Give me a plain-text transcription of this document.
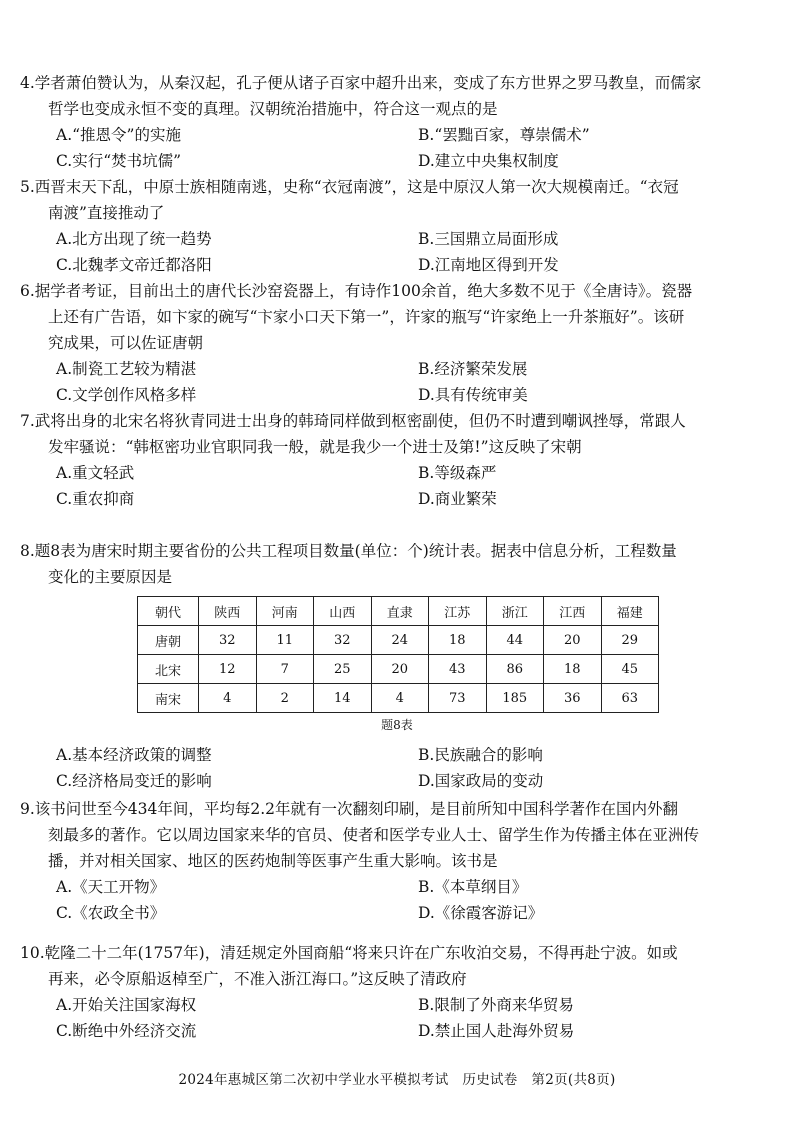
4.学者萧伯赞认为，从秦汉起，孔子便从诸子百家中超升出来，变成了东方世界之罗马教皇，而儒家
哲学也变成永恒不变的真理。汉朝统治措施中，符合这一观点的是
A.“推恩令”的实施	B.“罢黜百家，尊崇儒术”
C.实行“焚书坑儒”	D.建立中央集权制度
5.西晋末天下乱，中原士族相随南逃，史称“衣冠南渡”，这是中原汉人第一次大规模南迁。“衣冠
南渡”直接推动了
A.北方出现了统一趋势	B.三国鼎立局面形成
C.北魏孝文帝迁都洛阳	D.江南地区得到开发
6.据学者考证，目前出土的唐代长沙窑瓷器上，有诗作100余首，绝大多数不见于《全唐诗》。瓷器
上还有广告语，如卞家的碗写“卞家小口天下第一”，许家的瓶写“许家绝上一升茶瓶好”。该研
究成果，可以佐证唐朝
A.制瓷工艺较为精湛	B.经济繁荣发展
C.文学创作风格多样	D.具有传统审美
7.武将出身的北宋名将狄青同进士出身的韩琦同样做到枢密副使，但仍不时遭到嘲讽挫辱，常跟人
发牢骚说：“韩枢密功业官职同我一般，就是我少一个进士及第!”这反映了宋朝
A.重文轻武	B.等级森严
C.重农抑商	D.商业繁荣
8.题8表为唐宋时期主要省份的公共工程项目数量(单位：个)统计表。据表中信息分析，工程数量
变化的主要原因是
朝代	陕西	河南	山西	直隶	江苏	浙江	江西	福建
唐朝	32	11	32	24	18	44	20	29
北宋	12	7	25	20	43	86	18	45
南宋	4	2	14	4	73	185	36	63
题8表
A.基本经济政策的调整	B.民族融合的影响
C.经济格局变迁的影响	D.国家政局的变动
9.该书问世至今434年间，平均每2.2年就有一次翻刻印刷，是目前所知中国科学著作在国内外翻
刻最多的著作。它以周边国家来华的官员、使者和医学专业人士、留学生作为传播主体在亚洲传
播，并对相关国家、地区的医药炮制等医事产生重大影响。该书是
A.《天工开物》	B.《本草纲目》
C.《农政全书》	D.《徐霞客游记》
10.乾隆二十二年(1757年)，清廷规定外国商船“将来只许在广东收泊交易，不得再赴宁波。如或
再来，必令原船返棹至广，不准入浙江海口。”这反映了清政府
A.开始关注国家海权	B.限制了外商来华贸易
C.断绝中外经济交流	D.禁止国人赴海外贸易
2024年惠城区第二次初中学业水平模拟考试　历史试卷　第2页(共8页)
